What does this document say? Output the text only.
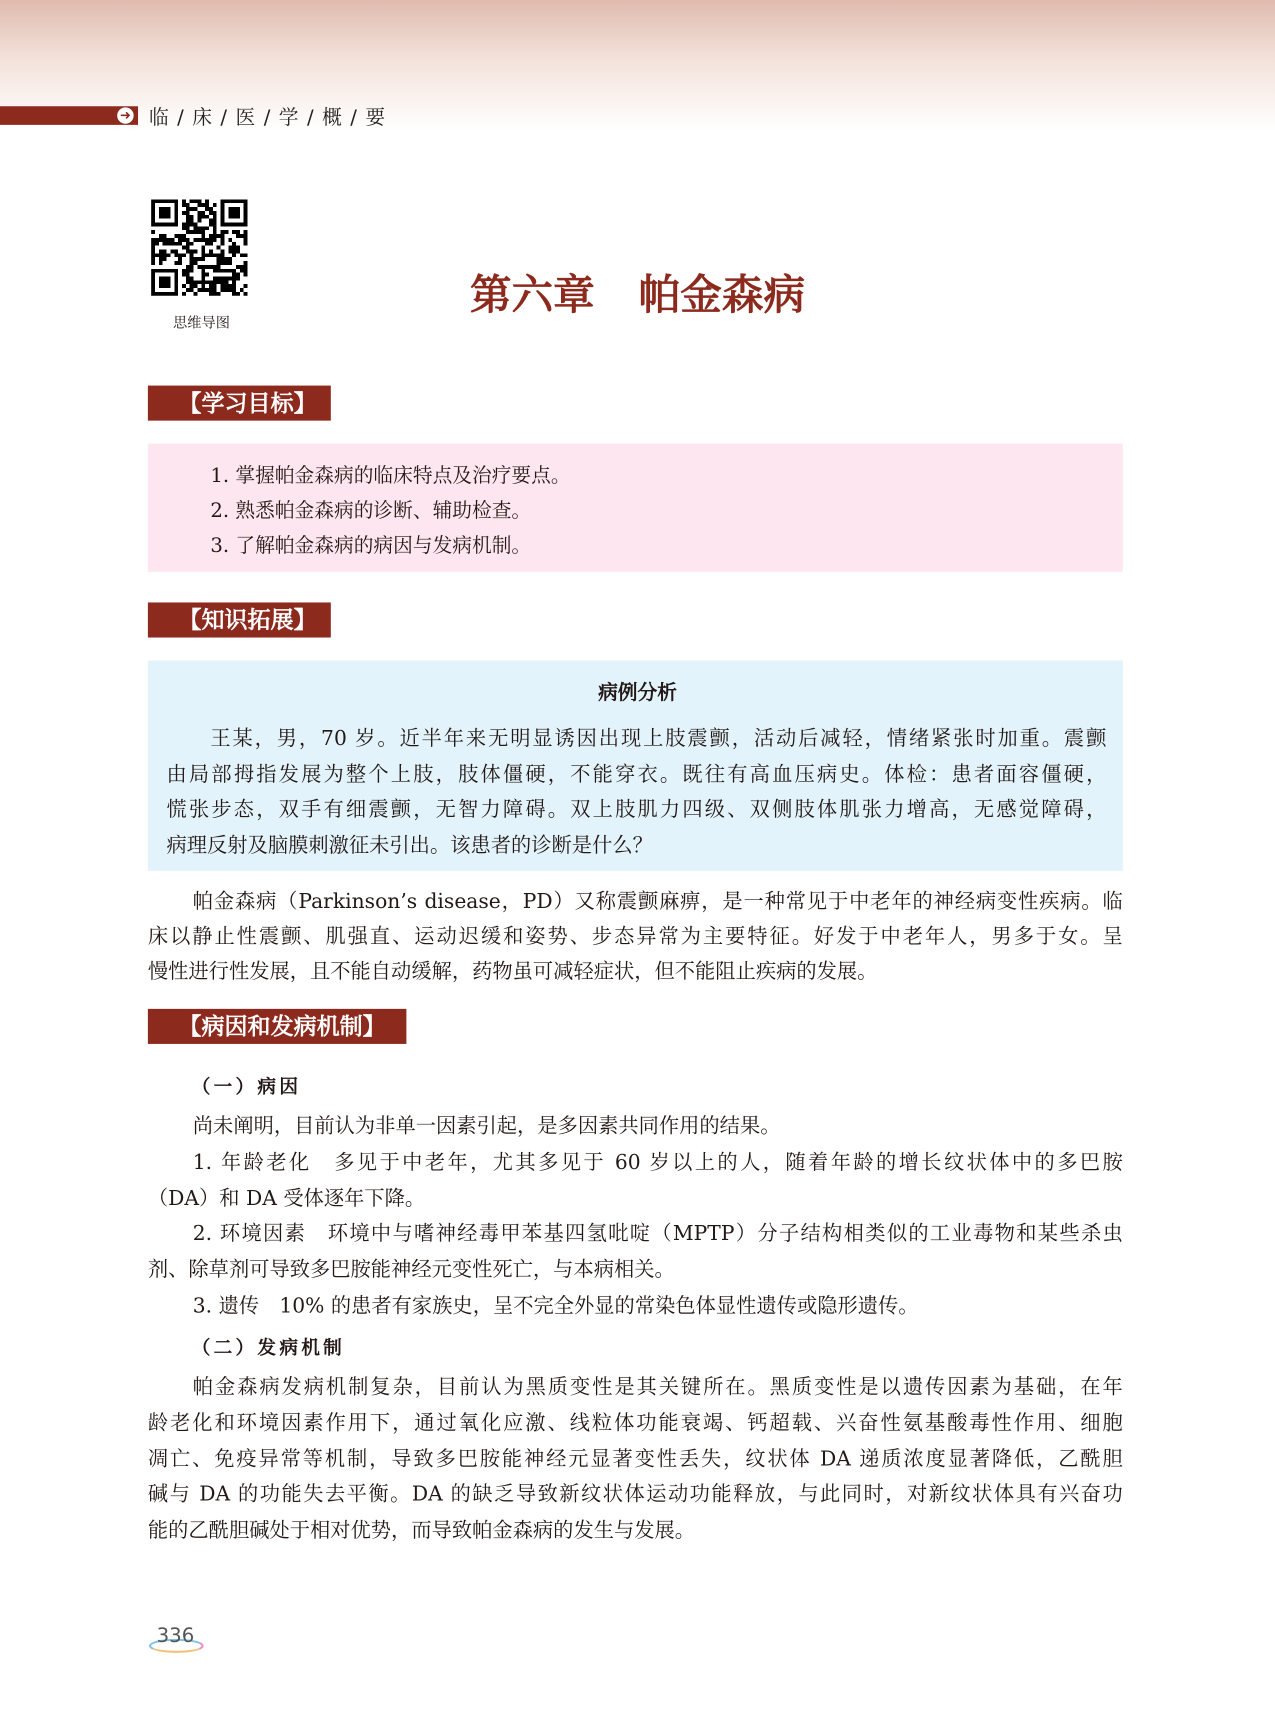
➜ 临 / 床 / 医 / 学 / 概 / 要
思维导图
第六章 帕金森病
【学习目标】
1. 掌握帕金森病的临床特点及治疗要点。
2. 熟悉帕金森病的诊断、辅助检查。
3. 了解帕金森病的病因与发病机制。
【知识拓展】
病例分析
王某，男，70 岁。近半年来无明显诱因出现上肢震颤，活动后减轻，情绪紧张时加重。震颤
由局部拇指发展为整个上肢，肢体僵硬，不能穿衣。既往有高血压病史。体检：患者面容僵硬，
慌张步态，双手有细震颤，无智力障碍。双上肢肌力四级、双侧肢体肌张力增高，无感觉障碍，
病理反射及脑膜刺激征未引出。该患者的诊断是什么？
帕金森病（Parkinson’s disease，PD）又称震颤麻痹，是一种常见于中老年的神经病变性疾病。临
床以静止性震颤、肌强直、运动迟缓和姿势、步态异常为主要特征。好发于中老年人，男多于女。呈
慢性进行性发展，且不能自动缓解，药物虽可减轻症状，但不能阻止疾病的发展。
【病因和发病机制】
（一）病因
尚未阐明，目前认为非单一因素引起，是多因素共同作用的结果。
1. 年龄老化　多见于中老年，尤其多见于 60 岁以上的人，随着年龄的增长纹状体中的多巴胺
（DA）和 DA 受体逐年下降。
2. 环境因素　环境中与嗜神经毒甲苯基四氢吡啶（MPTP）分子结构相类似的工业毒物和某些杀虫
剂、除草剂可导致多巴胺能神经元变性死亡，与本病相关。
3. 遗传　10% 的患者有家族史，呈不完全外显的常染色体显性遗传或隐形遗传。
（二）发病机制
帕金森病发病机制复杂，目前认为黑质变性是其关键所在。黑质变性是以遗传因素为基础，在年
龄老化和环境因素作用下，通过氧化应激、线粒体功能衰竭、钙超载、兴奋性氨基酸毒性作用、细胞
凋亡、免疫异常等机制，导致多巴胺能神经元显著变性丢失，纹状体 DA 递质浓度显著降低，乙酰胆
碱与 DA 的功能失去平衡。DA 的缺乏导致新纹状体运动功能释放，与此同时，对新纹状体具有兴奋功
能的乙酰胆碱处于相对优势，而导致帕金森病的发生与发展。
336
